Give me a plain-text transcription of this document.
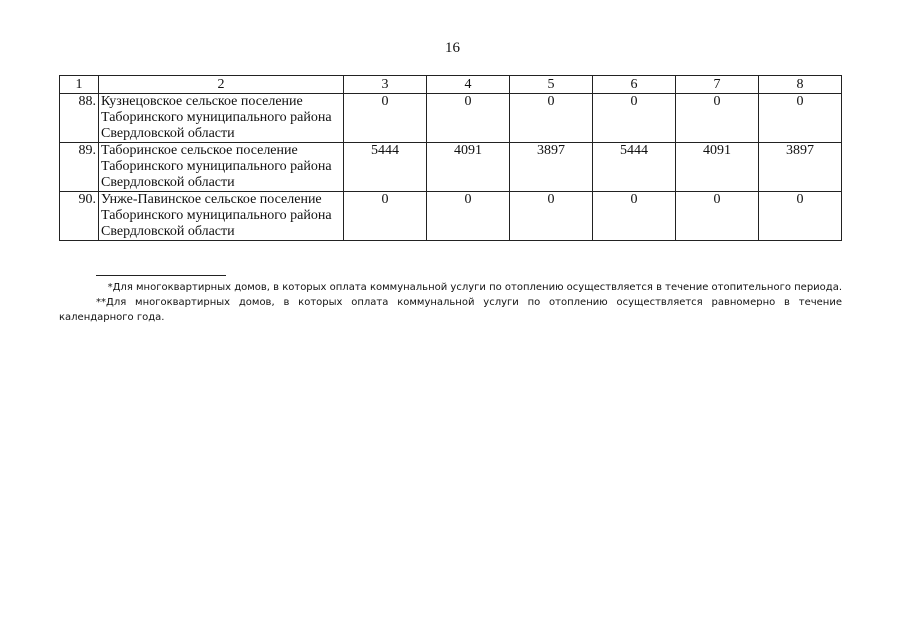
16
1	2	3	4	5	6	7	8
88.	Кузнецовское сельское поселение Таборинского муниципального района Свердловской области	0	0	0	0	0	0
89.	Таборинское сельское поселение Таборинского муниципального района Свердловской области	5444	4091	3897	5444	4091	3897
90.	Унже-Павинское сельское поселение Таборинского муниципального района Свердловской области	0	0	0	0	0	0
*Для многоквартирных домов, в которых оплата коммунальной услуги по отоплению осуществляется в течение отопительного периода.
**Для многоквартирных домов, в которых оплата коммунальной услуги по отоплению осуществляется равномерно в течение календарного года.
